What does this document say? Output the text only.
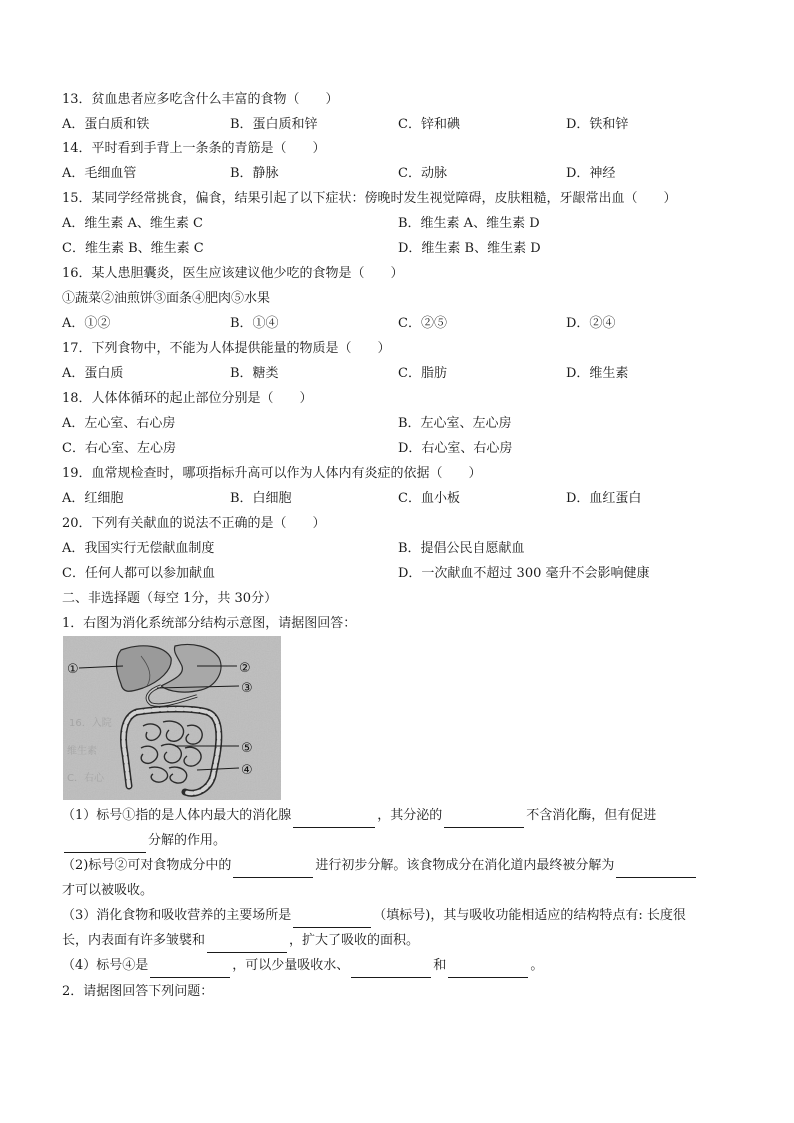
13．贫血患者应多吃含什么丰富的食物（　　）
A．蛋白质和铁	B．蛋白质和锌	C．锌和碘	D．铁和锌
14．平时看到手背上一条条的青筋是（　　）
A．毛细血管	B．静脉	C．动脉	D．神经
15．某同学经常挑食，偏食，结果引起了以下症状：傍晚时发生视觉障碍，皮肤粗糙，牙龈常出血（　　）
A．维生素 A、维生素 C	B．维生素 A、维生素 D
C．维生素 B、维生素 C	D．维生素 B、维生素 D
16．某人患胆囊炎，医生应该建议他少吃的食物是（　　）
①蔬菜②油煎饼③面条④肥肉⑤水果
A．①②	B．①④	C．②⑤	D．②④
17．下列食物中，不能为人体提供能量的物质是（　　）
A．蛋白质	B．糖类	C．脂肪	D．维生素
18．人体体循环的起止部位分别是（　　）
A．左心室、右心房	B．左心室、左心房
C．右心室、左心房	D．右心室、右心房
19．血常规检查时，哪项指标升高可以作为人体内有炎症的依据（　　）
A．红细胞	B．白细胞	C．血小板	D．血红蛋白
20．下列有关献血的说法不正确的是（　　）
A．我国实行无偿献血制度	B．提倡公民自愿献血
C．任何人都可以参加献血	D．一次献血不超过 300 毫升不会影响健康
二、非选择题（每空 1分，共 30分）
1．右图为消化系统部分结构示意图，请据图回答：
16．入院
维生素
C．右心
①	②
③
⑤
④
（1）标号①指的是人体内最大的消化腺	，其分泌的	不含消化酶，但有促进
分解的作用。
（2)标号②可对食物成分中的	进行初步分解。该食物成分在消化道内最终被分解为
才可以被吸收。
（3）消化食物和吸收营养的主要场所是	（填标号)，其与吸收功能相适应的结构特点有: 长度很
长，内表面有许多皱襞和	，扩大了吸收的面积。
（4）标号④是	，可以少量吸收水、	和	。
2．请据图回答下列问题：
